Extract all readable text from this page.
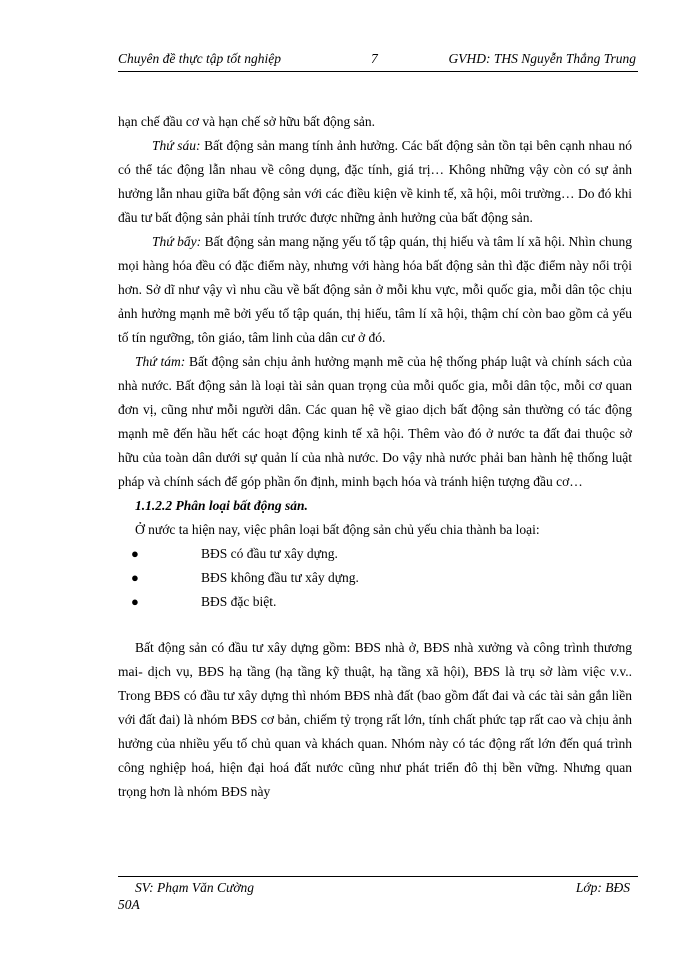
Chuyên đề thực tập tốt nghiệp	7	GVHD: THS Nguyễn Thắng Trung

hạn chế đầu cơ và hạn chế sở hữu bất động sản.

Thứ sáu: Bất động sản mang tính ảnh hưởng. Các bất động sản tồn tại bên cạnh nhau nó có thể tác động lẫn nhau về công dụng, đặc tính, giá trị… Không những vậy còn có sự ảnh hưởng lẫn nhau giữa bất động sản với các điều kiện về kinh tế, xã hội, môi trường… Do đó khi đầu tư bất động sản phải tính trước được những ảnh hưởng của bất động sản.

Thứ bẩy: Bất động sản mang nặng yếu tố tập quán, thị hiếu và tâm lí xã hội. Nhìn chung mọi hàng hóa đều có đặc điểm này, nhưng với hàng hóa bất động sản thì đặc điểm này nổi trội hơn. Sở dĩ như vậy vì nhu cầu về bất động sản ở mỗi khu vực, mỗi quốc gia, mỗi dân tộc chịu ảnh hưởng mạnh mẽ bởi yếu tố tập quán, thị hiếu, tâm lí xã hội, thậm chí còn bao gồm cả yếu tố tín ngưỡng, tôn giáo, tâm linh của dân cư ở đó.

Thứ tám: Bất động sản chịu ảnh hưởng mạnh mẽ của hệ thống pháp luật và chính sách của nhà nước. Bất động sản là loại tài sản quan trọng của mỗi quốc gia, mỗi dân tộc, mỗi cơ quan đơn vị, cũng như mỗi người dân. Các quan hệ về giao dịch bất động sản thường có tác động mạnh mẽ đến hầu hết các hoạt động kinh tế xã hội. Thêm vào đó ở nước ta đất đai thuộc sở hữu của toàn dân dưới sự quản lí của nhà nước. Do vậy nhà nước phải ban hành hệ thống luật pháp và chính sách để góp phần ổn định, minh bạch hóa và tránh hiện tượng đầu cơ…

1.1.2.2 Phân loại bất động sản.

Ở nước ta hiện nay, việc phân loại bất động sản chủ yếu chia thành ba loại:

●	BĐS có đầu tư xây dựng.
●	BĐS không đầu tư xây dựng.
●	BĐS đặc biệt.

Bất động sản có đầu tư xây dựng gồm: BĐS nhà ở, BĐS nhà xưởng và công trình thương mai- dịch vụ, BĐS hạ tầng (hạ tầng kỹ thuật, hạ tầng xã hội), BĐS là trụ sở làm việc v.v.. Trong BĐS có đầu tư xây dựng thì nhóm BĐS nhà đất (bao gồm đất đai và các tài sản gắn liền với đất đai) là nhóm BĐS cơ bản, chiếm tỷ trọng rất lớn, tính chất phức tạp rất cao và chịu ảnh hưởng của nhiều yếu tố chủ quan và khách quan. Nhóm này có tác động rất lớn đến quá trình công nghiệp hoá, hiện đại hoá đất nước cũng như phát triển đô thị bền vững. Nhưng quan trọng hơn là nhóm BĐS này

SV: Phạm Văn Cường	Lớp: BĐS
50A
